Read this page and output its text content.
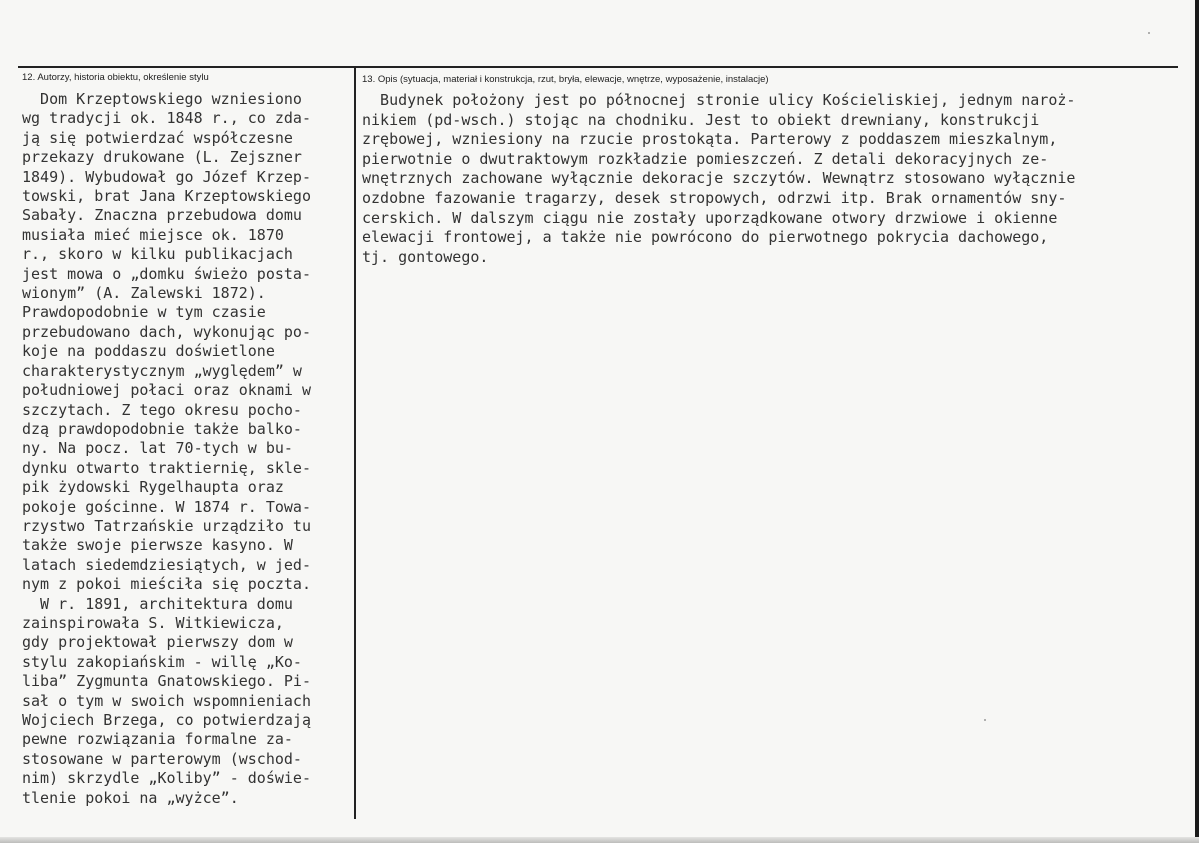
12. Autorzy, historia obiektu, określenie stylu
Dom Krzeptowskiego wzniesiono
wg tradycji ok. 1848 r., co zda-
ją się potwierdzać współczesne
przekazy drukowane (L. Zejszner
1849). Wybudował go Józef Krzep-
towski, brat Jana Krzeptowskiego
Sabały. Znaczna przebudowa domu
musiała mieć miejsce ok. 1870
r., skoro w kilku publikacjach
jest mowa o „domku świeżo posta-
wionym” (A. Zalewski 1872).
Prawdopodobnie w tym czasie
przebudowano dach, wykonując po-
koje na poddaszu doświetlone
charakterystycznym „wyględem” w
południowej połaci oraz oknami w
szczytach. Z tego okresu pocho-
dzą prawdopodobnie także balko-
ny. Na pocz. lat 70-tych w bu-
dynku otwarto traktiernię, skle-
pik żydowski Rygelhaupta oraz
pokoje gościnne. W 1874 r. Towa-
rzystwo Tatrzańskie urządziło tu
także swoje pierwsze kasyno. W
latach siedemdziesiątych, w jed-
nym z pokoi mieściła się poczta.
W r. 1891, architektura domu
zainspirowała S. Witkiewicza,
gdy projektował pierwszy dom w
stylu zakopiańskim - willę „Ko-
liba” Zygmunta Gnatowskiego. Pi-
sał o tym w swoich wspomnieniach
Wojciech Brzega, co potwierdzają
pewne rozwiązania formalne za-
stosowane w parterowym (wschod-
nim) skrzydle „Koliby” - doświe-
tlenie pokoi na „wyżce”.
13. Opis (sytuacja, materiał i konstrukcja, rzut, bryła, elewacje, wnętrze, wyposażenie, instalacje)
Budynek położony jest po północnej stronie ulicy Kościeliskiej, jednym naroż-
nikiem (pd-wsch.) stojąc na chodniku. Jest to obiekt drewniany, konstrukcji
zrębowej, wzniesiony na rzucie prostokąta. Parterowy z poddaszem mieszkalnym,
pierwotnie o dwutraktowym rozkładzie pomieszczeń. Z detali dekoracyjnych ze-
wnętrznych zachowane wyłącznie dekoracje szczytów. Wewnątrz stosowano wyłącznie
ozdobne fazowanie tragarzy, desek stropowych, odrzwi itp. Brak ornamentów sny-
cerskich. W dalszym ciągu nie zostały uporządkowane otwory drzwiowe i okienne
elewacji frontowej, a także nie powrócono do pierwotnego pokrycia dachowego,
tj. gontowego.
